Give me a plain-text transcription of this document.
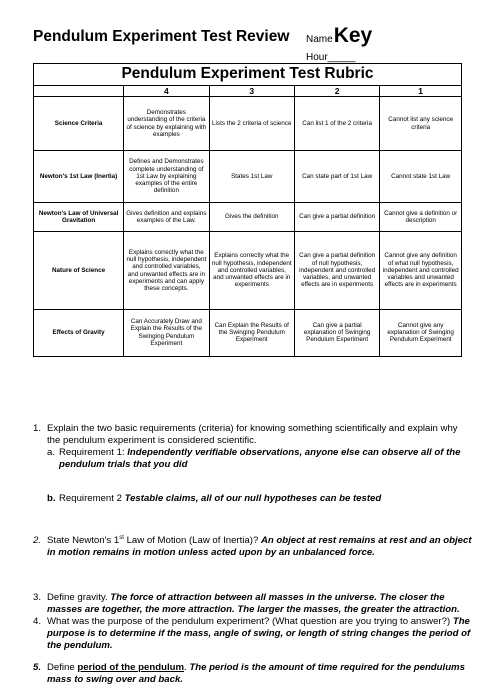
Pendulum Experiment Test Review NameKey
Hour_____
Pendulum Experiment Test Rubric
	4	3	2	1
Science Criteria	Demonstrates understanding of the criteria of science by explaining with examples	Lists the 2 criteria of science	Can list 1 of the 2 criteria	Cannot list any science criteria
Newton's 1st Law (Inertia)	Defines and Demonstrates complete understanding of 1st Law by explaining examples of the entire definition	States 1st Law	Can state part of 1st Law	Cannot state 1st Law
Newton's Law of Universal Gravitation	Gives definition and explains examples of the Law.	Gives the definition	Can give a partial definition	Cannot give a definition or description
Nature of Science	Explains correctly what the null hypothesis, independent and controlled variables, and unwanted effects are in experiments and can apply these concepts.	Explains correctly what the null hypothesis, independent and controlled variables, and unwanted effects are in experiments	Can give a partial definition of null hypothesis, independent and controlled variables, and unwanted effects are in experiments	Cannot give any definition of what null hypothesis, independent and controlled variables and unwanted effects are in experiments
Effects of Gravity	Can Accurately Draw and Explain the Results of the Swinging Pendulum Experiment	Can Explain the Results of the Swinging Pendulum Experiment	Can give a partial explanation of Swinging Pendulum Experiment	Cannot give any explanation of Swinging Pendulum Experiment
1. Explain the two basic requirements (criteria) for knowing something scientifically and explain why the pendulum experiment is considered scientific.
a. Requirement 1: Independently verifiable observations, anyone else can observe all of the pendulum trials that you did
b. Requirement 2 Testable claims, all of our null hypotheses can be tested
2. State Newton's 1st Law of Motion (Law of Inertia)? An object at rest remains at rest and an object in motion remains in motion unless acted upon by an unbalanced force.
3. Define gravity. The force of attraction between all masses in the universe. The closer the masses are together, the more attraction. The larger the masses, the greater the attraction.
4. What was the purpose of the pendulum experiment? (What question are you trying to answer?) The purpose is to determine if the mass, angle of swing, or length of string changes the period of the pendulum.
5. Define period of the pendulum. The period is the amount of time required for the pendulums mass to swing over and back.
